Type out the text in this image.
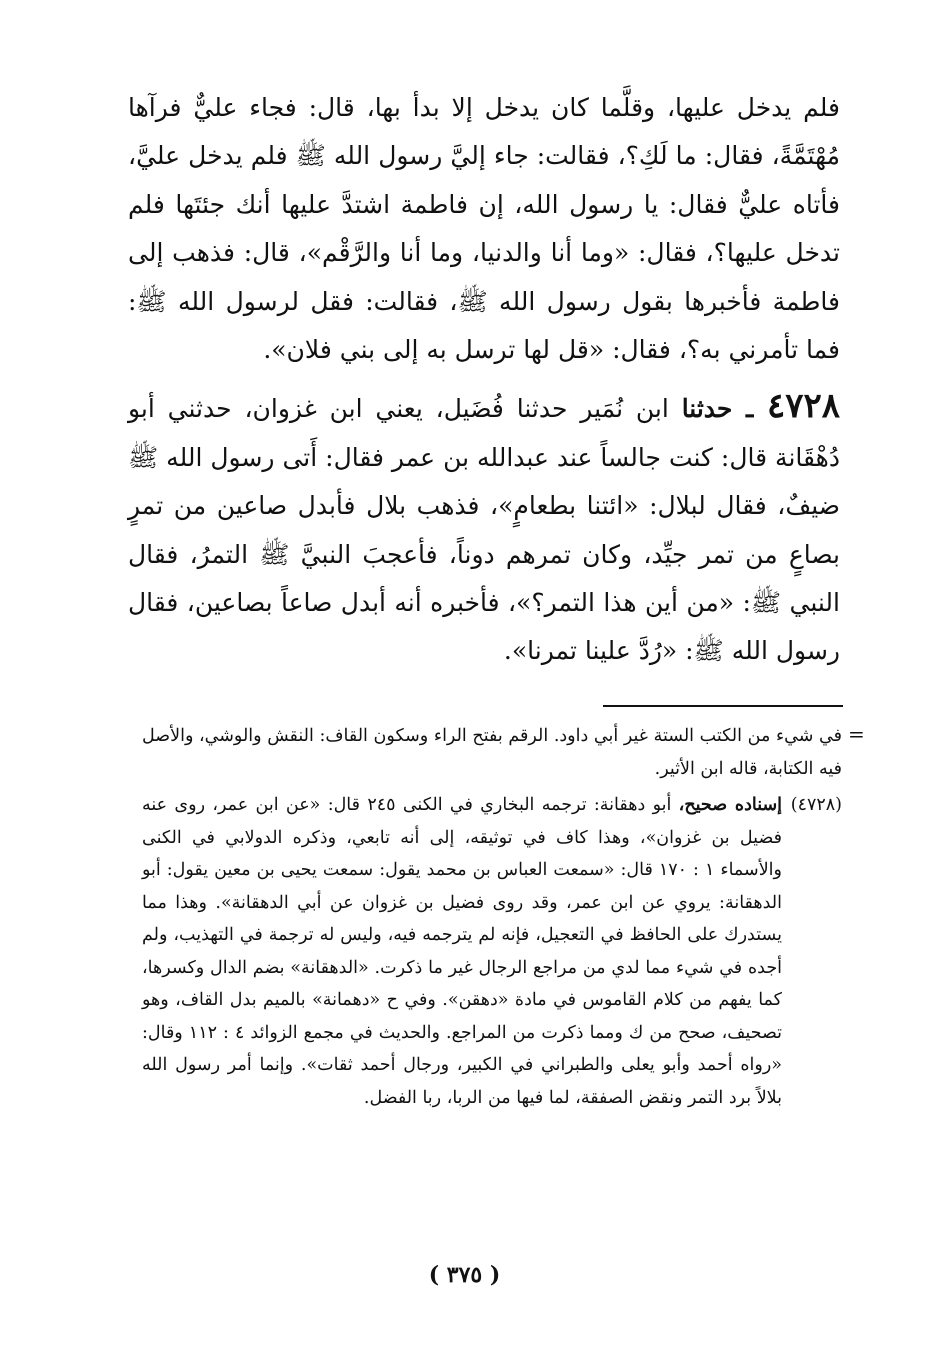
فلم يدخل عليها، وقلَّما كان يدخل إلا بدأ بها، قال: فجاء عليٌّ فرآها مُهْتَمَّةً، فقال: ما لَكِ؟، فقالت: جاء إليَّ رسول الله ﷺ فلم يدخل عليَّ، فأتاه عليٌّ فقال: يا رسول الله، إن فاطمة اشتدَّ عليها أنك جئتَها فلم تدخل عليها؟، فقال: «وما أنا والدنيا، وما أنا والرَّقْم»، قال: فذهب إلى فاطمة فأخبرها بقول رسول الله ﷺ، فقالت: فقل لرسول الله ﷺ: فما تأمرني به؟، فقال: «قل لها ترسل به إلى بني فلان».

٤٧٢٨ ـ حدثنا ابن نُمَير حدثنا فُضَيل، يعني ابن غزوان، حدثني أبو دُهْقَانة قال: كنت جالساً عند عبدالله بن عمر فقال: أَتى رسول الله ﷺ ضيفٌ، فقال لبلال: «ائتنا بطعامٍ»، فذهب بلال فأبدل صاعين من تمرٍ بصاعٍ من تمر جيِّد، وكان تمرهم دوناً، فأعجبَ النبيَّ ﷺ التمرُ، فقال النبي ﷺ: «من أين هذا التمر؟»، فأخبره أنه أبدل صاعاً بصاعين، فقال رسول الله ﷺ: «رُدَّ علينا تمرنا».

=

في شيء من الكتب الستة غير أبي داود. الرقم بفتح الراء وسكون القاف: النقش والوشي، والأصل فيه الكتابة، قاله ابن الأثير.

(٤٧٢٨)
إسناده صحيح، أبو دهقانة: ترجمه البخاري في الكنى ٢٤٥ قال: «عن ابن عمر، روى عنه فضيل بن غزوان»، وهذا كاف في توثيقه، إلى أنه تابعي، وذكره الدولابي في الكنى والأسماء ١ : ١٧٠ قال: «سمعت العباس بن محمد يقول: سمعت يحيى بن معين يقول: أبو الدهقانة: يروي عن ابن عمر، وقد روى فضيل بن غزوان عن أبي الدهقانة». وهذا مما يستدرك على الحافظ في التعجيل، فإنه لم يترجمه فيه، وليس له ترجمة في التهذيب، ولم أجده في شيء مما لدي من مراجع الرجال غير ما ذكرت. «الدهقانة» بضم الدال وكسرها، كما يفهم من كلام القاموس في مادة «دهقن». وفي ح «دهمانة» بالميم بدل القاف، وهو تصحيف، صحح من ك ومما ذكرت من المراجع. والحديث في مجمع الزوائد ٤ : ١١٢ وقال: «رواه أحمد وأبو يعلى والطبراني في الكبير، ورجال أحمد ثقات». وإنما أمر رسول الله بلالاً برد التمر ونقض الصفقة، لما فيها من الربا، ربا الفضل.

( ٣٧٥ )
